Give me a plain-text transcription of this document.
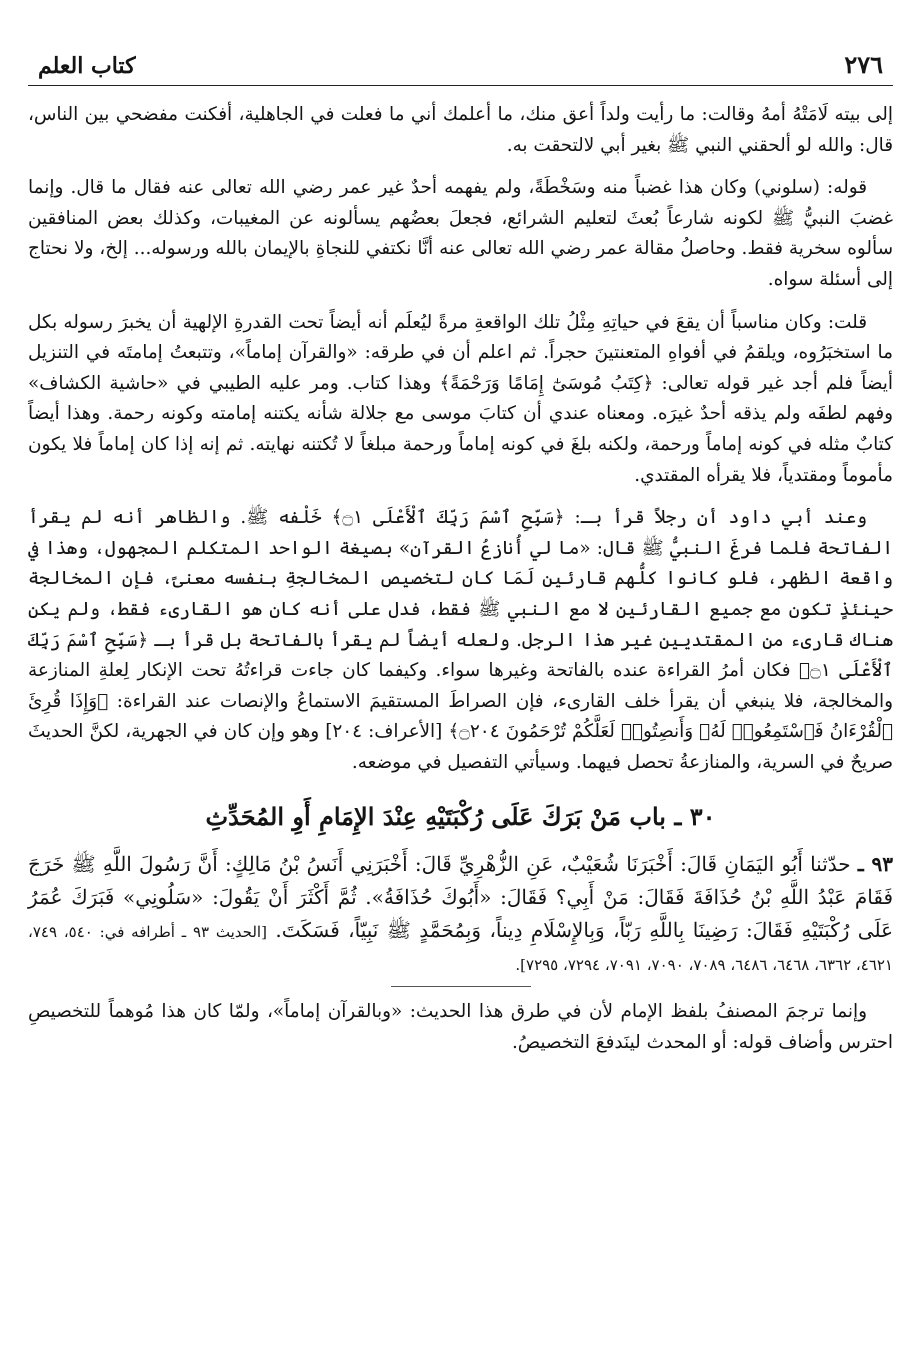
٢٧٦
كتاب العلم

إلى بيته لَامَتْهُ أمهُ وقالت: ما رأيت ولداً أعق منك، ما أعلمك أني ما فعلت في الجاهلية، أفكنت مفضحي بين الناس، قال: والله لو ألحقني النبي ﷺ بغير أبي لالتحقت به.

قوله: (سلوني) وكان هذا غضباً منه وسَخْطَةً، ولم يفهمه أحدٌ غير عمر رضي الله تعالى عنه فقال ما قال. وإنما غضبَ النبيُّ ﷺ لكونه شارعاً بُعثَ لتعليم الشرائع، فجعلَ بعضُهم يسألونه عن المغيبات، وكذلك بعض المنافقين سألوه سخرية فقط. وحاصلُ مقالة عمر رضي الله تعالى عنه أنَّا نكتفي للنجاةِ بالإيمان بالله ورسوله... إلخ، ولا نحتاج إلى أسئلة سواه.

قلت: وكان مناسباً أن يقعَ في حياتِهِ مِثْلُ تلك الواقعةِ مرةً ليُعلَم أنه أيضاً تحت القدرةِ الإلهية أن يخبرَ رسوله بكل ما استخبَرُوه، ويلقمُ في أفواهِ المتعنتينَ حجراً. ثم اعلم أن في طرقه: «والقرآن إماماً»، وتتبعتُ إمامتَه في التنزيل أيضاً فلم أجد غير قوله تعالى: ﴿كِتَبُ مُوسَىٰٓ إِمَامًا وَرَحْمَةً﴾ وهذا كتاب. ومر عليه الطيبي في «حاشية الكشاف» وفهم لطفَه ولم يذقه أحدٌ غيرَه. ومعناه عندي أن كتابَ موسى مع جلالة شأنه يكتنه إمامته وكونه رحمة. وهذا أيضاً كتابٌ مثله في كونه إماماً ورحمة، ولكنه بلغَ في كونه إماماً ورحمة مبلغاً لا تُكتنه نهايته. ثم إنه إذا كان إماماً فلا يكون مأموماً ومقتدياً، فلا يقرأه المقتدي.

وعند أبي داود أن رجلاً قرأ بـ: ﴿سَبِّحِ ٱسْمَ رَبِّكَ ٱلْأَعْلَى ۝١﴾ خَلْفه ﷺ. والظاهر أنه لم يقرأ الفاتحة فلما فرغَ النبيُّ ﷺ قال: «ما لي أُنازعُ القرآن» بصيغة الواحد المتكلم المجهول، وهذا في واقعة الظهر، فلو كانوا كلُّهم قارئين لَمَا كان لتخصيص المخالجةِ بنفسه معنىً، فإن المخالجة حينئذٍ تكون مع جميع القارئين لا مع النبي ﷺ فقط، فدل على أنه كان هو القارىء فقط، ولم يكن هناك قارىء من المقتديين غير هذا الرجل. ولعله أيضاً لم يقرأ بالفاتحة بل قرأ بـ ﴿سَبِّحِ ٱسْمَ رَبِّكَ ٱلْأَعْلَى ۝١﴾ فكان أمرُ القراءة عنده بالفاتحة وغيرها سواء. وكيفما كان جاءت قراءتُهُ تحت الإنكار لِعلةِ المنازعة والمخالجة، فلا ينبغي أن يقرأ خلف القارىء، فإن الصراطَ المستقيمَ الاستماعُ والإنصات عند القراءة: ﴿وَإِذَا قُرِئَ ٱلْقُرْءَانُ فَٱسْتَمِعُوا۟ لَهُۥ وَأَنصِتُوا۟ لَعَلَّكُمْ تُرْحَمُونَ ۝٢٠٤﴾ [الأعراف: ٢٠٤] وهو وإن كان في الجهرية، لكنَّ الحديثَ صريحٌ في السرية، والمنازعةُ تحصل فيهما. وسيأتي التفصيل في موضعه.

٣٠ ـ باب مَنْ بَرَكَ عَلَى رُكْبَتَيْهِ عِنْدَ الإِمَامِ أَوِ المُحَدِّثِ

٩٣ ـ حدّثنا أَبُو اليَمَانِ قَالَ: أَخْبَرَنَا شُعَيْبٌ، عَنِ الزُّهْرِيِّ قَالَ: أَخْبَرَنِي أَنَسُ بْنُ مَالِكٍ: أَنَّ رَسُولَ اللَّهِ ﷺ خَرَجَ فَقَامَ عَبْدُ اللَّهِ بْنُ حُذَافَةَ فَقَالَ: مَنْ أَبِي؟ فَقَالَ: «أَبُوكَ حُذَافَةُ». ثُمَّ أَكْثَرَ أَنْ يَقُولَ: «سَلُونِي» فَبَرَكَ عُمَرُ عَلَى رُكْبَتَيْهِ فَقَالَ: رَضِينَا بِاللَّهِ رَبّاً، وَبِالإِسْلَامِ دِيناً، وَبِمُحَمَّدٍ ﷺ نَبِيّاً، فَسَكَتَ. [الحديث ٩٣ ـ أطرافه في: ٥٤٠، ٧٤٩، ٤٦٢١، ٦٣٦٢، ٦٤٦٨، ٦٤٨٦، ٧٠٨٩، ٧٠٩٠، ٧٠٩١، ٧٢٩٤، ٧٢٩٥].

وإنما ترجمَ المصنفُ بلفظ الإمام لأن في طرق هذا الحديث: «وبالقرآن إماماً»، ولمّا كان هذا مُوهماً للتخصيصِ احترس وأضاف قوله: أو المحدث لينَدفعَ التخصيصُ.
